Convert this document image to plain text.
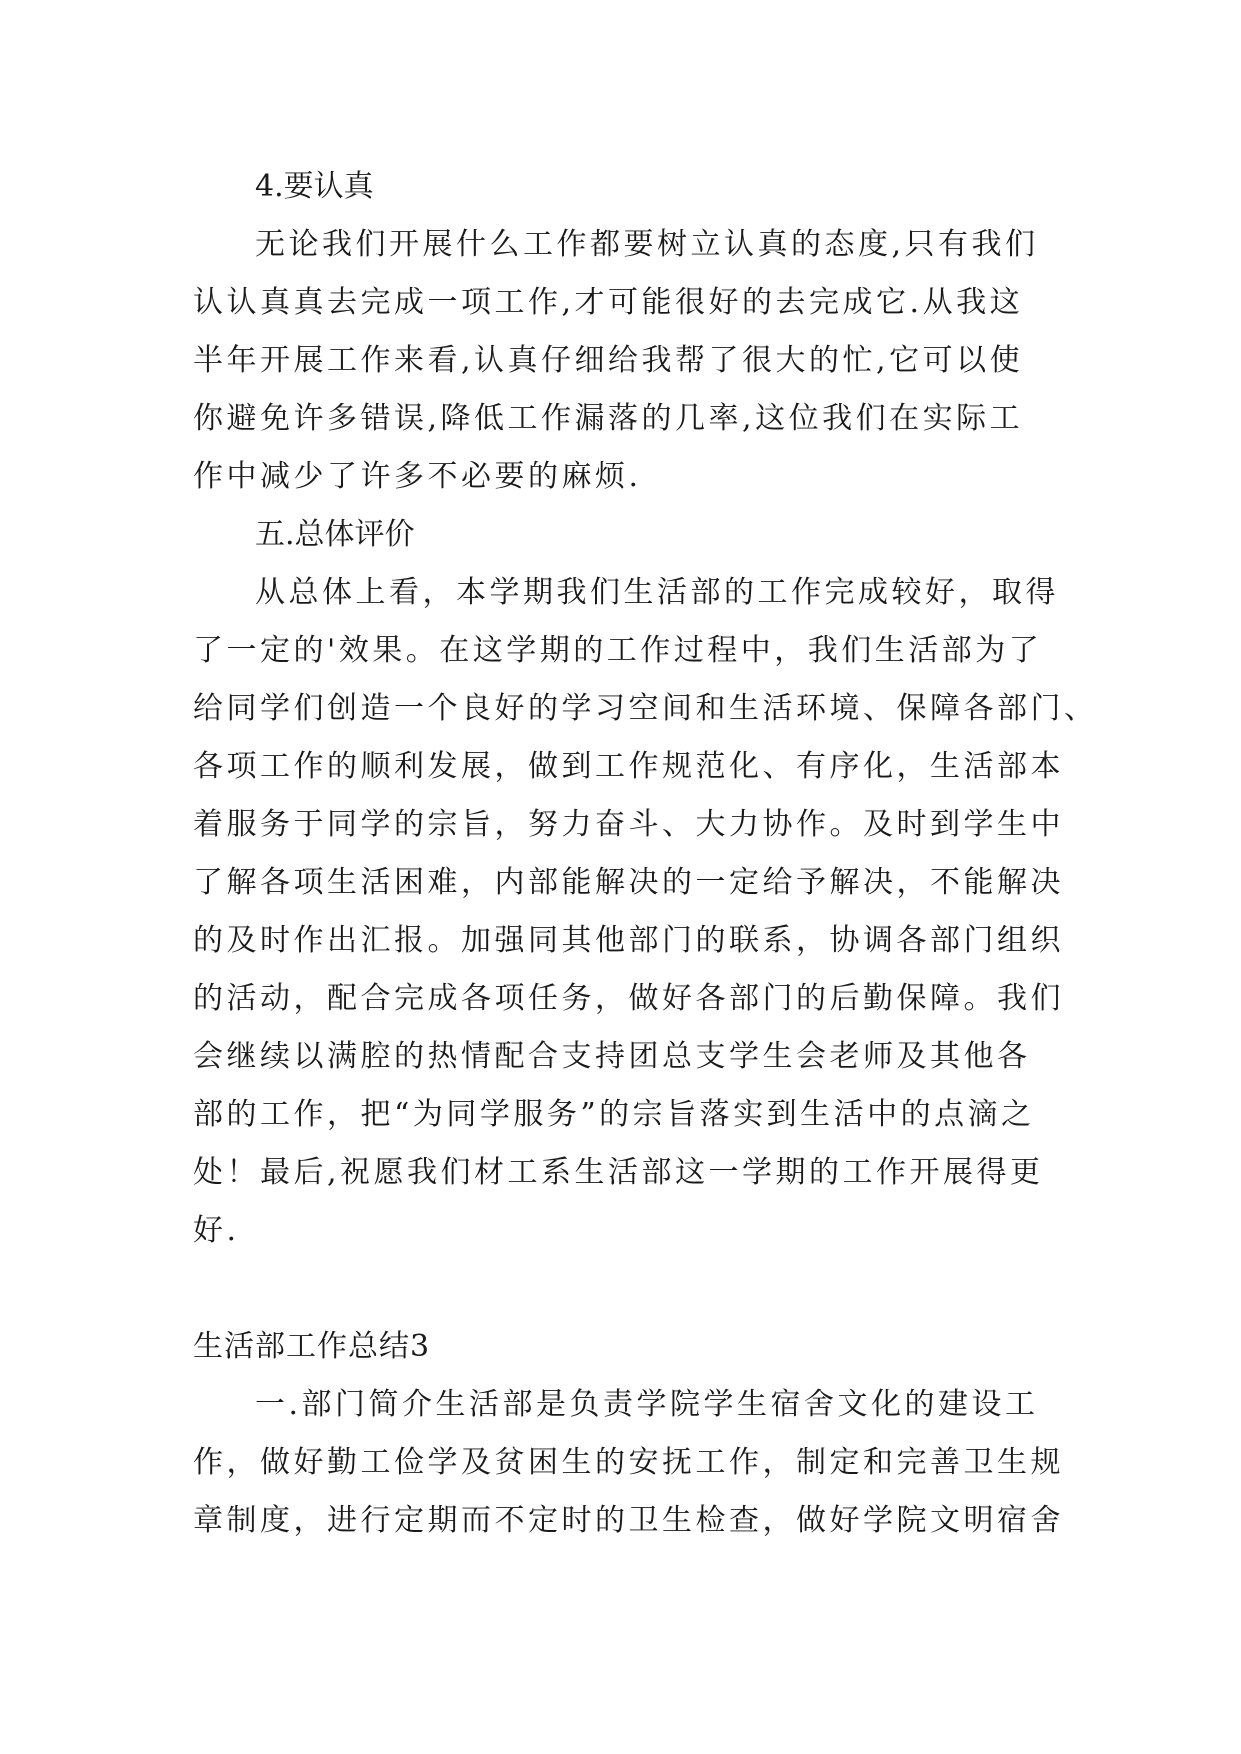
4.要认真

无论我们开展什么工作都要树立认真的态度,只有我们
认认真真去完成一项工作,才可能很好的去完成它.从我这
半年开展工作来看,认真仔细给我帮了很大的忙,它可以使
你避免许多错误,降低工作漏落的几率,这位我们在实际工
作中减少了许多不必要的麻烦.

五.总体评价

从总体上看，本学期我们生活部的工作完成较好，取得
了一定的'效果。在这学期的工作过程中，我们生活部为了
给同学们创造一个良好的学习空间和生活环境、保障各部门、
各项工作的顺利发展，做到工作规范化、有序化，生活部本
着服务于同学的宗旨，努力奋斗、大力协作。及时到学生中
了解各项生活困难，内部能解决的一定给予解决，不能解决
的及时作出汇报。加强同其他部门的联系，协调各部门组织
的活动，配合完成各项任务，做好各部门的后勤保障。我们
会继续以满腔的热情配合支持团总支学生会老师及其他各
部的工作，把“为同学服务”的宗旨落实到生活中的点滴之
处！最后,祝愿我们材工系生活部这一学期的工作开展得更
好.

生活部工作总结3

一.部门简介生活部是负责学院学生宿舍文化的建设工
作，做好勤工俭学及贫困生的安抚工作，制定和完善卫生规
章制度，进行定期而不定时的卫生检查，做好学院文明宿舍
